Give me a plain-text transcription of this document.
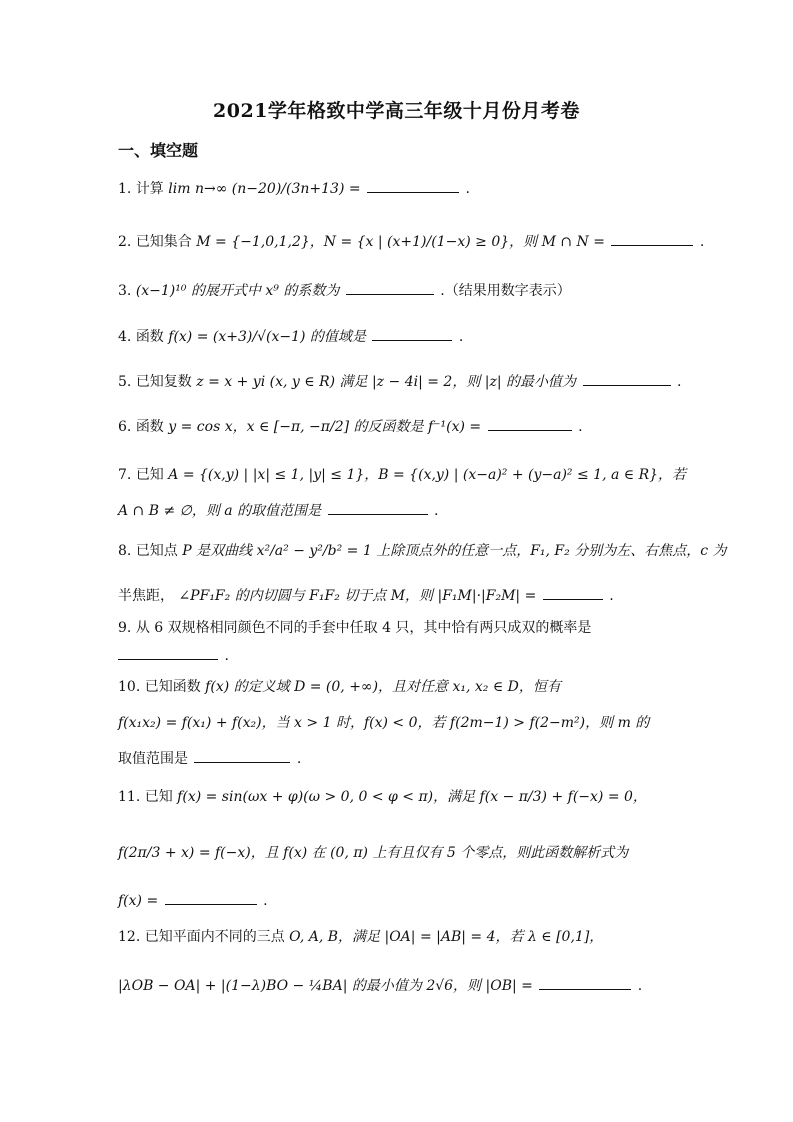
2021学年格致中学高三年级十月份月考卷
一、填空题
1. 计算 lim n→∞ (n−20)/(3n+13) =	.
2. 已知集合 M = {−1,0,1,2}，N = {x | (x+1)/(1−x) ≥ 0}，则 M ∩ N =	.
3. (x−1)¹⁰ 的展开式中 x⁹ 的系数为	.（结果用数字表示）
4. 函数 f(x) = (x+3)/√(x−1) 的值域是	.
5. 已知复数 z = x + yi (x, y ∈ R) 满足 |z − 4i| = 2，则 |z| 的最小值为	.
6. 函数 y = cos x，x ∈ [−π, −π/2] 的反函数是 f⁻¹(x) =	.
7. 已知 A = {(x,y) | |x| ≤ 1, |y| ≤ 1}，B = {(x,y) | (x−a)² + (y−a)² ≤ 1, a ∈ R}，若
A ∩ B ≠ ∅，则 a 的取值范围是	.
8. 已知点 P 是双曲线 x²/a² − y²/b² = 1 上除顶点外的任意一点，F₁, F₂ 分别为左、右焦点，c 为
半焦距， ∠PF₁F₂ 的内切圆与 F₁F₂ 切于点 M，则 |F₁M|·|F₂M| =	.
9. 从 6 双规格相同颜色不同的手套中任取 4 只，其中恰有两只成双的概率是
.
10. 已知函数 f(x) 的定义域 D = (0, +∞)，且对任意 x₁, x₂ ∈ D，恒有
f(x₁x₂) = f(x₁) + f(x₂)，当 x > 1 时，f(x) < 0，若 f(2m−1) > f(2−m²)，则 m 的
取值范围是	.
11. 已知 f(x) = sin(ωx + φ)(ω > 0, 0 < φ < π)，满足 f(x − π/3) + f(−x) = 0，
f(2π/3 + x) = f(−x)，且 f(x) 在 (0, π) 上有且仅有 5 个零点，则此函数解析式为
f(x) =	.
12. 已知平面内不同的三点 O, A, B，满足 |OA| = |AB| = 4，若 λ ∈ [0,1]，
|λOB − OA| + |(1−λ)BO − ¼BA| 的最小值为 2√6，则 |OB| =	.
